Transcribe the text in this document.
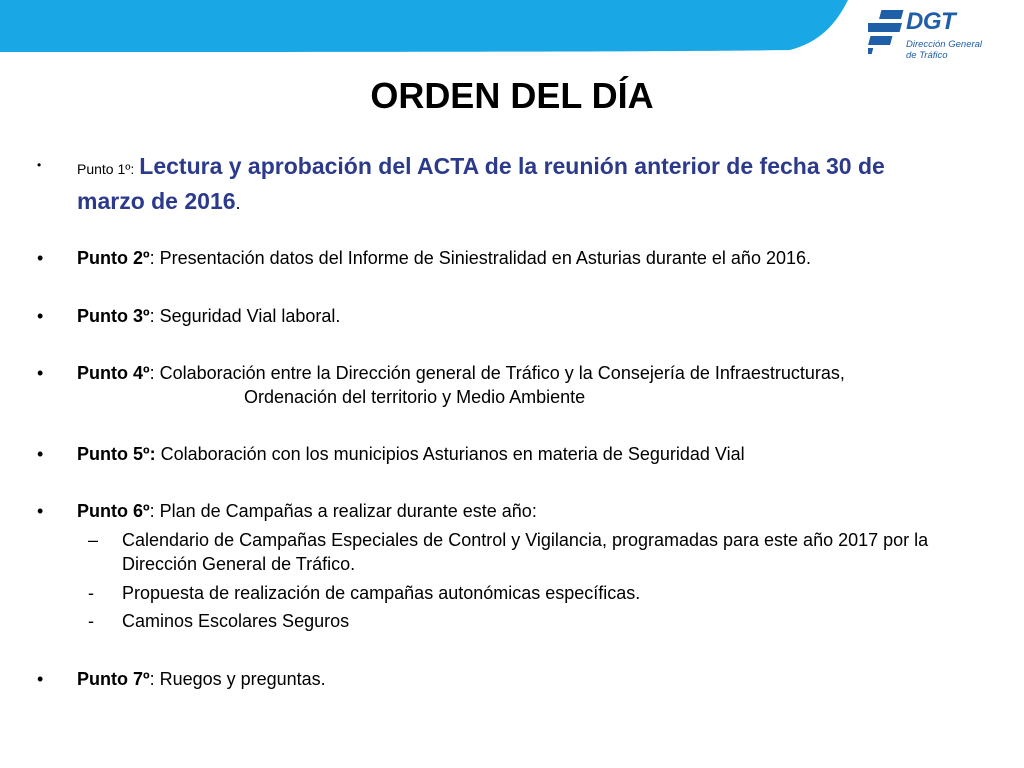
DGT
Dirección General
de Tráfico
ORDEN DEL DÍA
•	Punto 1º: Lectura y aprobación del ACTA de la reunión anterior de fecha 30 de marzo de 2016.
• Punto 2º: Presentación datos del Informe de Siniestralidad en Asturias durante el año 2016.
• Punto 3º: Seguridad Vial laboral.
• Punto 4º: Colaboración entre la Dirección general de Tráfico y la Consejería de Infraestructuras,
Ordenación del territorio y Medio Ambiente
• Punto 5º: Colaboración con los municipios Asturianos en materia de Seguridad Vial
• Punto 6º: Plan de Campañas a realizar durante este año:
– Calendario de Campañas Especiales de Control y Vigilancia, programadas para este año 2017 por la Dirección General de Tráfico.
- Propuesta de realización de campañas autonómicas específicas.
- Caminos Escolares Seguros
• Punto 7º: Ruegos y preguntas.
